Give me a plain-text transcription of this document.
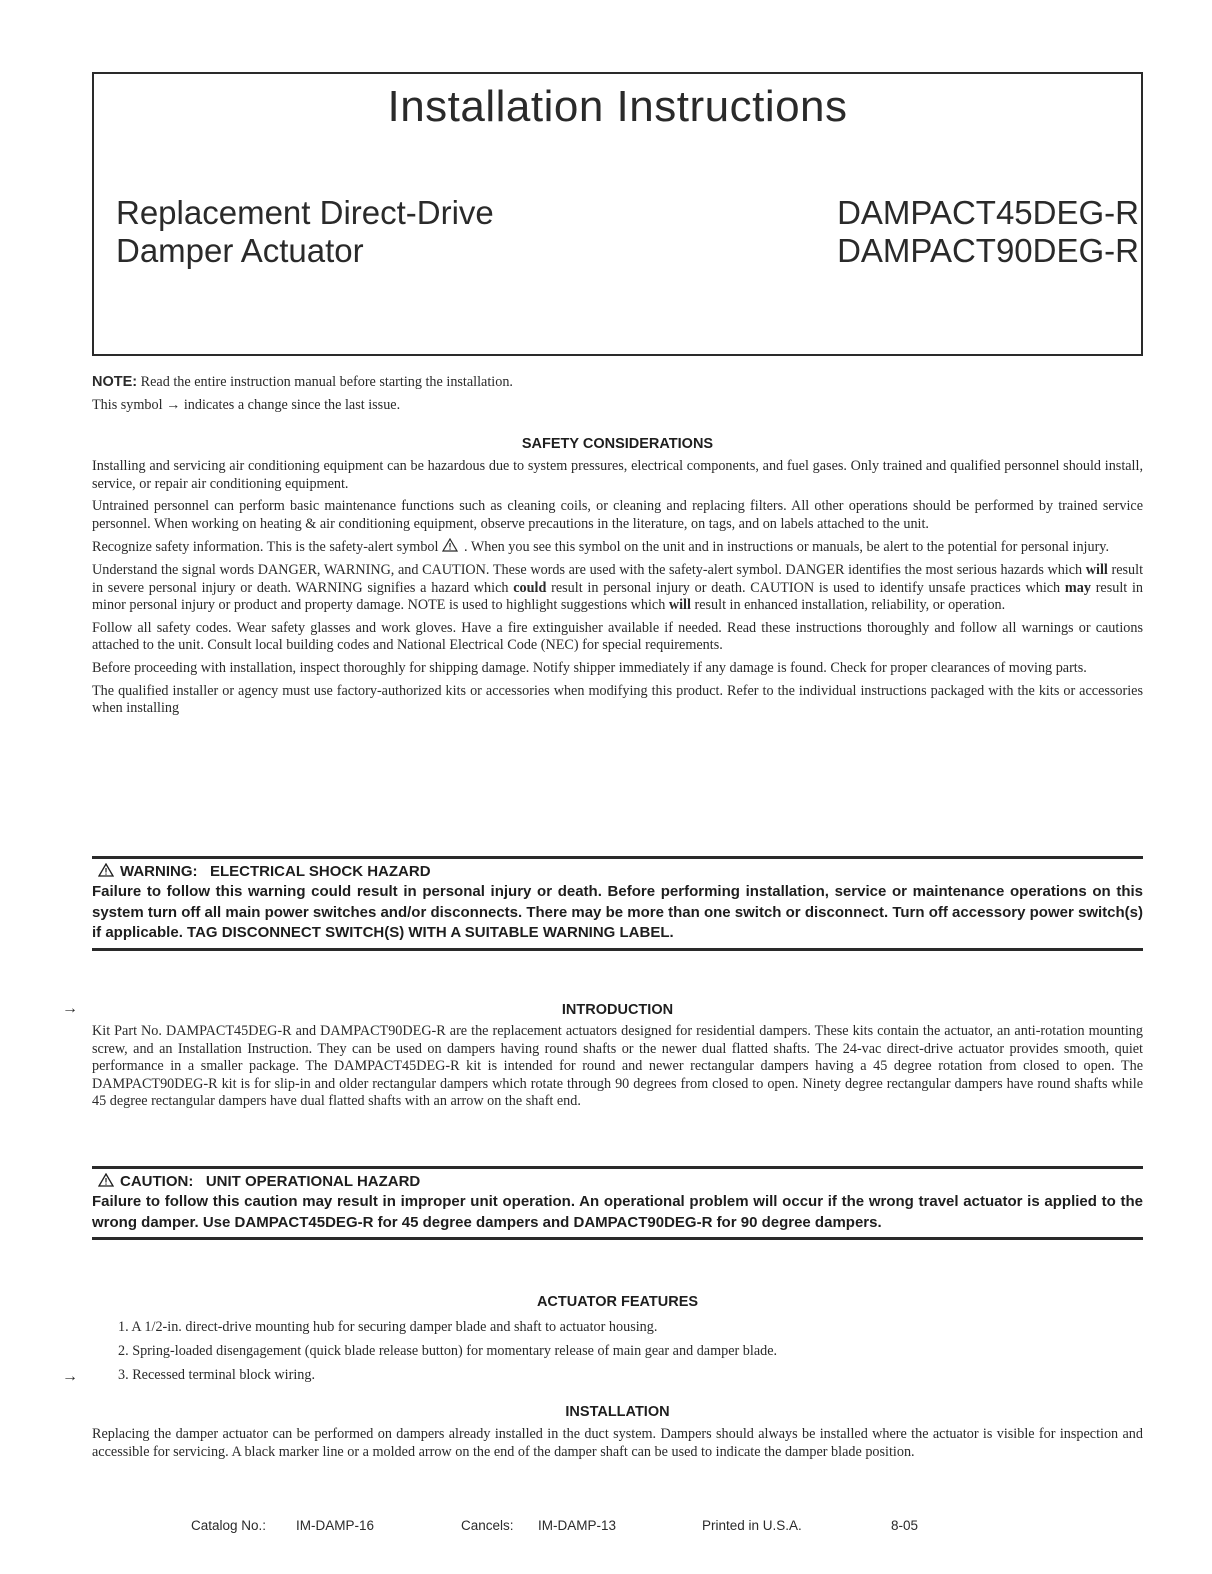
Installation Instructions
Replacement Direct-Drive
Damper Actuator
DAMPACT45DEG-R
DAMPACT90DEG-R
NOTE: Read the entire instruction manual before starting the installation.
This symbol → indicates a change since the last issue.
SAFETY CONSIDERATIONS
Installing and servicing air conditioning equipment can be hazardous due to system pressures, electrical components, and fuel gases. Only trained and qualified personnel should install, service, or repair air conditioning equipment.
Untrained personnel can perform basic maintenance functions such as cleaning coils, or cleaning and replacing filters. All other operations should be performed by trained service personnel. When working on heating & air conditioning equipment, observe precautions in the literature, on tags, and on labels attached to the unit.
Recognize safety information. This is the safety-alert symbol . When you see this symbol on the unit and in instructions or manuals, be alert to the potential for personal injury.
Understand the signal words DANGER, WARNING, and CAUTION. These words are used with the safety-alert symbol. DANGER identifies the most serious hazards which will result in severe personal injury or death. WARNING signifies a hazard which could result in personal injury or death. CAUTION is used to identify unsafe practices which may result in minor personal injury or product and property damage. NOTE is used to highlight suggestions which will result in enhanced installation, reliability, or operation.
Follow all safety codes. Wear safety glasses and work gloves. Have a fire extinguisher available if needed. Read these instructions thoroughly and follow all warnings or cautions attached to the unit. Consult local building codes and National Electrical Code (NEC) for special requirements.
Before proceeding with installation, inspect thoroughly for shipping damage. Notify shipper immediately if any damage is found. Check for proper clearances of moving parts.
The qualified installer or agency must use factory-authorized kits or accessories when modifying this product. Refer to the individual instructions packaged with the kits or accessories when installing
WARNING:   ELECTRICAL SHOCK HAZARD
Failure to follow this warning could result in personal injury or death. Before performing installation, service or maintenance operations on this system turn off all main power switches and/or disconnects. There may be more than one switch or disconnect. Turn off accessory power switch(s) if applicable. TAG DISCONNECT SWITCH(S) WITH A SUITABLE WARNING LABEL.
→	INTRODUCTION
Kit Part No. DAMPACT45DEG-R and DAMPACT90DEG-R are the replacement actuators designed for residential dampers. These kits contain the actuator, an anti-rotation mounting screw, and an Installation Instruction. They can be used on dampers having round shafts or the newer dual flatted shafts. The 24-vac direct-drive actuator provides smooth, quiet performance in a smaller package. The DAMPACT45DEG-R kit is intended for round and newer rectangular dampers having a 45 degree rotation from closed to open. The DAMPACT90DEG-R kit is for slip-in and older rectangular dampers which rotate through 90 degrees from closed to open. Ninety degree rectangular dampers have round shafts while 45 degree rectangular dampers have dual flatted shafts with an arrow on the shaft end.
CAUTION:   UNIT OPERATIONAL HAZARD
Failure to follow this caution may result in improper unit operation. An operational problem will occur if the wrong travel actuator is applied to the wrong damper. Use DAMPACT45DEG-R for 45 degree dampers and DAMPACT90DEG-R for 90 degree dampers.
ACTUATOR FEATURES
1. A 1/2-in. direct-drive mounting hub for securing damper blade and shaft to actuator housing.
2. Spring-loaded disengagement (quick blade release button) for momentary release of main gear and damper blade.
3. Recessed terminal block wiring.
→
INSTALLATION
Replacing the damper actuator can be performed on dampers already installed in the duct system. Dampers should always be installed where the actuator is visible for inspection and accessible for servicing. A black marker line or a molded arrow on the end of the damper shaft can be used to indicate the damper blade position.
Catalog No.: IM-DAMP-16	Cancels: IM-DAMP-13	Printed in U.S.A.	8-05
